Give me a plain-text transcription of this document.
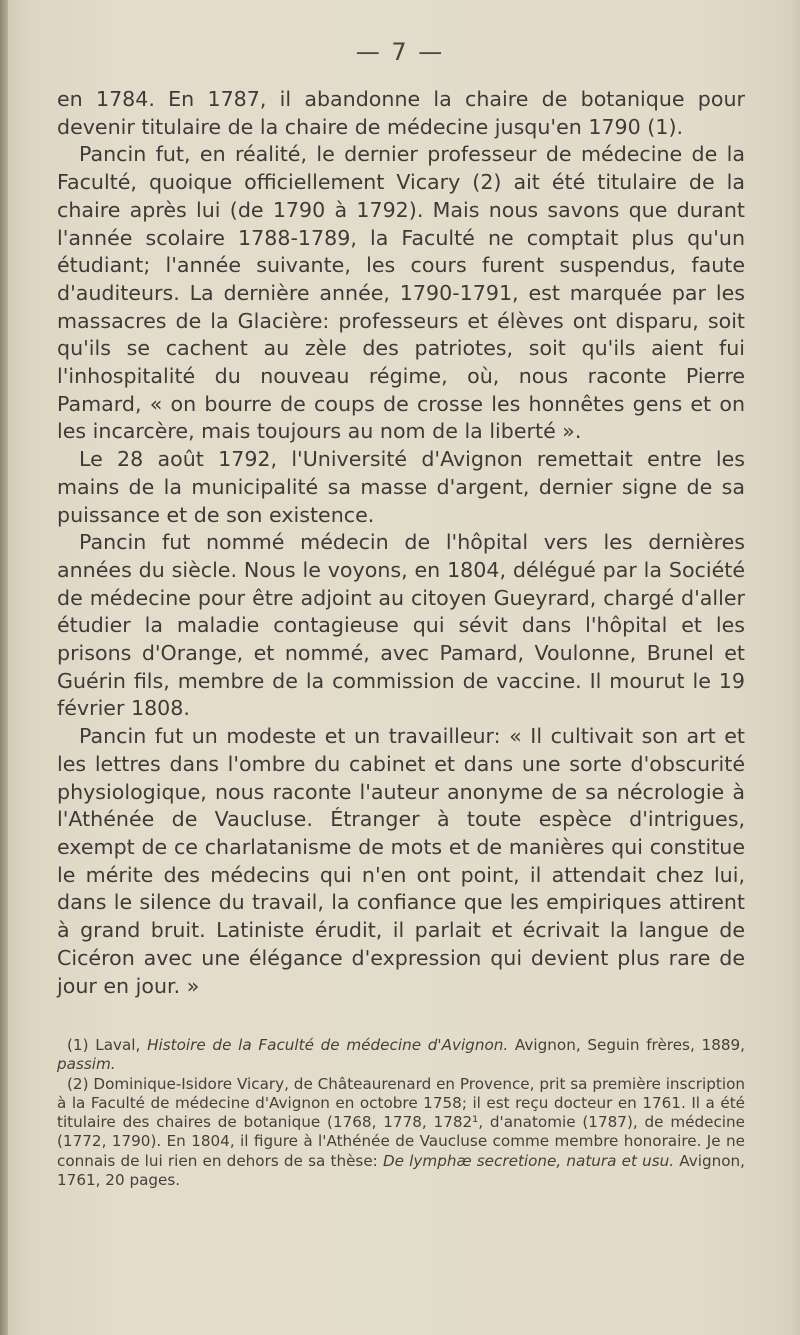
— 7 —

en 1784. En 1787, il abandonne la chaire de botanique pour devenir titulaire de la chaire de médecine jusqu'en 1790 (1).

Pancin fut, en réalité, le dernier professeur de médecine de la Faculté, quoique officiellement Vicary (2) ait été titulaire de la chaire après lui (de 1790 à 1792). Mais nous savons que durant l'année scolaire 1788-1789, la Faculté ne comptait plus qu'un étudiant; l'année suivante, les cours furent suspendus, faute d'auditeurs. La dernière année, 1790-1791, est marquée par les massacres de la Glacière: professeurs et élèves ont disparu, soit qu'ils se cachent au zèle des patriotes, soit qu'ils aient fui l'inhospitalité du nouveau régime, où, nous raconte Pierre Pamard, « on bourre de coups de crosse les honnêtes gens et on les incarcère, mais toujours au nom de la liberté ».

Le 28 août 1792, l'Université d'Avignon remettait entre les mains de la municipalité sa masse d'argent, dernier signe de sa puissance et de son existence.

Pancin fut nommé médecin de l'hôpital vers les dernières années du siècle. Nous le voyons, en 1804, délégué par la Société de médecine pour être adjoint au citoyen Gueyrard, chargé d'aller étudier la maladie contagieuse qui sévit dans l'hôpital et les prisons d'Orange, et nommé, avec Pamard, Voulonne, Brunel et Guérin fils, membre de la commission de vaccine. Il mourut le 19 février 1808.

Pancin fut un modeste et un travailleur: « Il cultivait son art et les lettres dans l'ombre du cabinet et dans une sorte d'obscurité physiologique, nous raconte l'auteur anonyme de sa nécrologie à l'Athénée de Vaucluse. Étranger à toute espèce d'intrigues, exempt de ce charlatanisme de mots et de manières qui constitue le mérite des médecins qui n'en ont point, il attendait chez lui, dans le silence du travail, la confiance que les empiriques attirent à grand bruit. Latiniste érudit, il parlait et écrivait la langue de Cicéron avec une élégance d'expression qui devient plus rare de jour en jour. »

(1) Laval, Histoire de la Faculté de médecine d'Avignon. Avignon, Seguin frères, 1889, passim.

(2) Dominique-Isidore Vicary, de Châteaurenard en Provence, prit sa première inscription à la Faculté de médecine d'Avignon en octobre 1758; il est reçu docteur en 1761. Il a été titulaire des chaires de botanique (1768, 1778, 1782¹, d'anatomie (1787), de médecine (1772, 1790). En 1804, il figure à l'Athénée de Vaucluse comme membre honoraire. Je ne connais de lui rien en dehors de sa thèse: De lymphæ secretione, natura et usu. Avignon, 1761, 20 pages.
